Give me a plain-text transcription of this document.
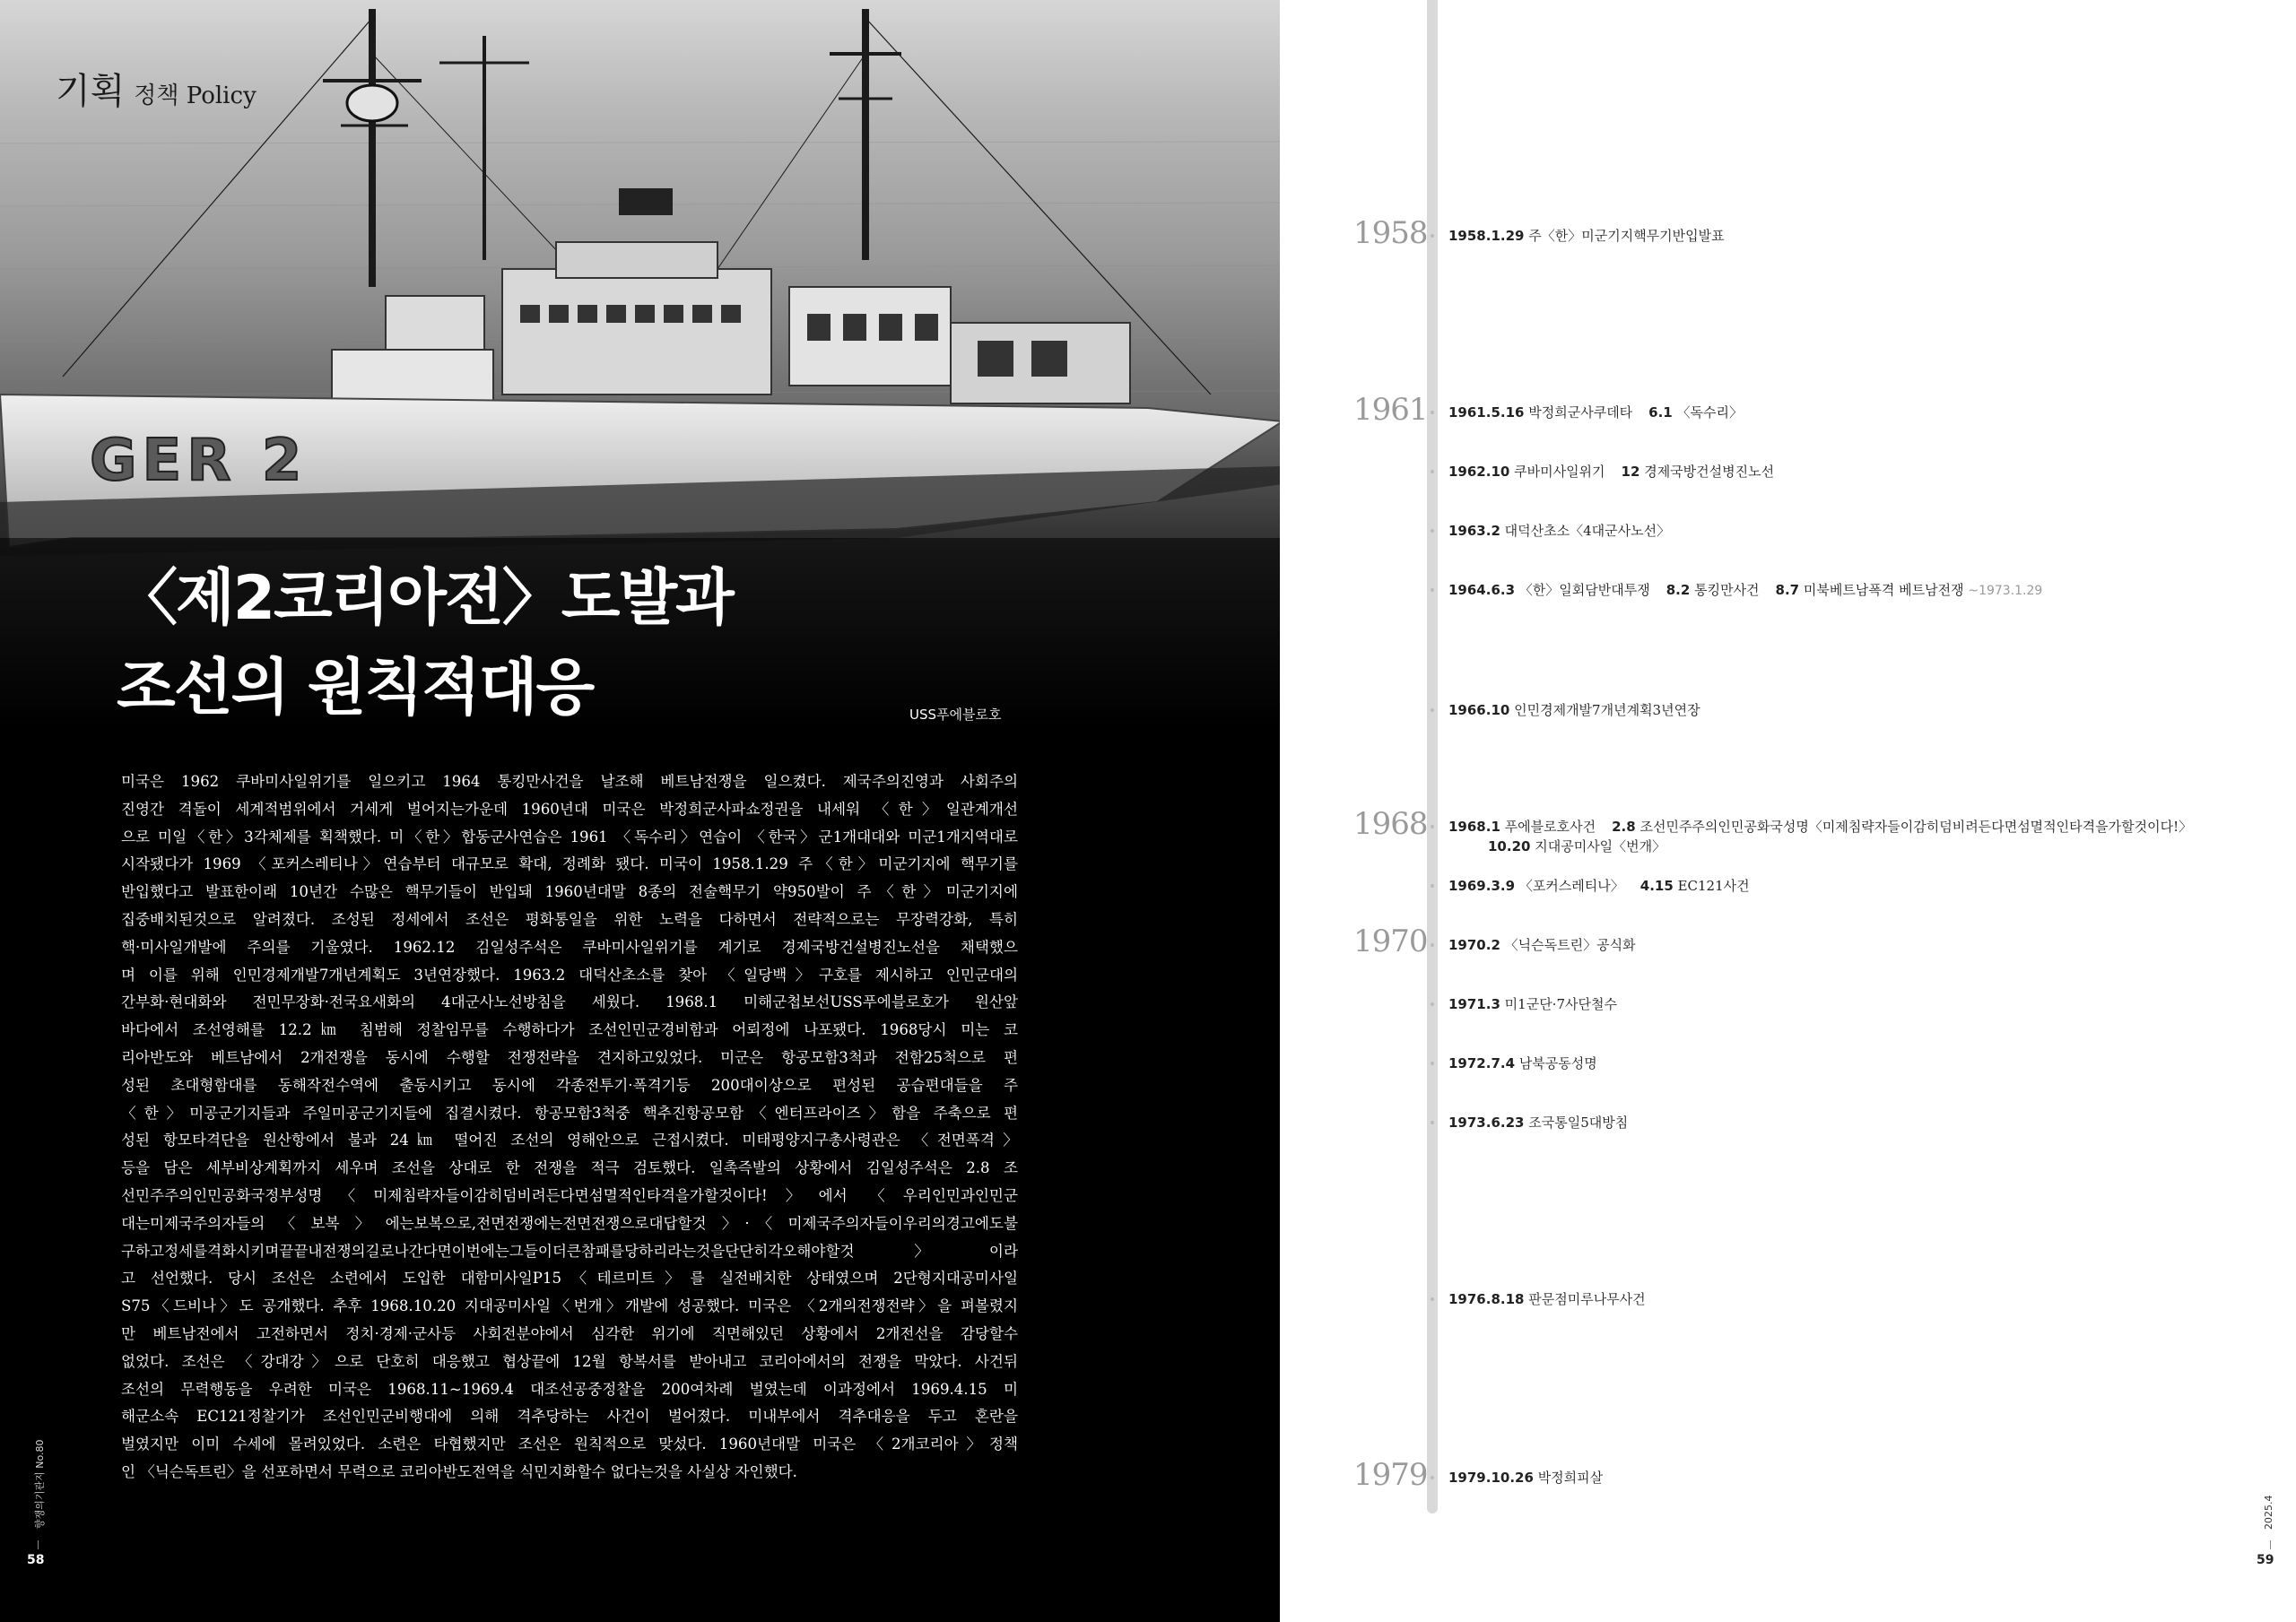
GER 2
기획 정책 Policy
〈제2코리아전〉도발과
조선의 원칙적대응	USS푸에블로호
미국은 1962 쿠바미사일위기를 일으키고 1964 통킹만사건을 날조해 베트남전쟁을 일으켰다. 제국주의진영과 사회주의
진영간 격돌이 세계적범위에서 거세게 벌어지는가운데 1960년대 미국은 박정희군사파쇼정권을 내세워 〈한〉일관계개선
으로 미일〈한〉3각체제를 획책했다. 미〈한〉합동군사연습은 1961 〈독수리〉연습이 〈한국〉군1개대대와 미군1개지역대로
시작됐다가 1969 〈포커스레티나〉연습부터 대규모로 확대, 정례화 됐다. 미국이 1958.1.29 주〈한〉미군기지에 핵무기를
반입했다고 발표한이래 10년간 수많은 핵무기들이 반입돼 1960년대말 8종의 전술핵무기 약950발이 주〈한〉미군기지에
집중배치된것으로 알려졌다. 조성된 정세에서 조선은 평화통일을 위한 노력을 다하면서 전략적으로는 무장력강화, 특히
핵·미사일개발에 주의를 기울였다. 1962.12 김일성주석은 쿠바미사일위기를 계기로 경제국방건설병진노선을 채택했으
며 이를 위해 인민경제개발7개년계획도 3년연장했다. 1963.2 대덕산초소를 찾아 〈일당백〉구호를 제시하고 인민군대의
간부화·현대화와 전민무장화·전국요새화의 4대군사노선방침을 세웠다. 1968.1 미해군첩보선USS푸에블로호가 원산앞
바다에서 조선영해를 12.2㎞ 침범해 정찰임무를 수행하다가 조선인민군경비함과 어뢰정에 나포됐다. 1968당시 미는 코
리아반도와 베트남에서 2개전쟁을 동시에 수행할 전쟁전략을 견지하고있었다. 미군은 항공모함3척과 전함25척으로 편
성된 초대형함대를 동해작전수역에 출동시키고 동시에 각종전투기·폭격기등 200대이상으로 편성된 공습편대들을 주
〈한〉미공군기지들과 주일미공군기지들에 집결시켰다. 항공모함3척중 핵추진항공모함〈엔터프라이즈〉함을 주축으로 편
성된 항모타격단을 원산항에서 불과 24㎞ 떨어진 조선의 영해안으로 근접시켰다. 미태평양지구총사령관은 〈전면폭격〉
등을 담은 세부비상계획까지 세우며 조선을 상대로 한 전쟁을 적극 검토했다. 일촉즉발의 상황에서 김일성주석은 2.8 조
선민주주의인민공화국정부성명〈미제침략자들이감히덤비려든다면섬멸적인타격을가할것이다!〉에서 〈우리인민과인민군
대는미제국주의자들의〈보복〉에는보복으로,전면전쟁에는전면전쟁으로대답할것〉·〈미제국주의자들이우리의경고에도불
구하고정세를격화시키며끝끝내전쟁의길로나간다면이번에는그들이더큰참패를당하리라는것을단단히각오해야할것〉이라
고 선언했다. 당시 조선은 소련에서 도입한 대함미사일P15〈테르미트〉를 실전배치한 상태였으며 2단형지대공미사일
S75〈드비나〉도 공개했다. 추후 1968.10.20 지대공미사일〈번개〉개발에 성공했다. 미국은 〈2개의전쟁전략〉을 펴볼렸지
만 베트남전에서 고전하면서 정치·경제·군사등 사회전분야에서 심각한 위기에 직면해있던 상황에서 2개전선을 감당할수
없었다. 조선은 〈강대강〉으로 단호히 대응했고 협상끝에 12월 항복서를 받아내고 코리아에서의 전쟁을 막았다. 사건뒤
조선의 무력행동을 우려한 미국은 1968.11~1969.4 대조선공중정찰을 200여차례 벌였는데 이과정에서 1969.4.15 미
해군소속 EC121정찰기가 조선인민군비행대에 의해 격추당하는 사건이 벌어졌다. 미내부에서 격추대응을 두고 혼란을
벌였지만 이미 수세에 몰려있었다. 소련은 타협했지만 조선은 원칙적으로 맞섰다. 1960년대말 미국은 〈2개코리아〉정책
인 〈닉슨독트린〉을 선포하면서 무력으로 코리아반도전역을 식민지화할수 없다는것을 사실상 자인했다.
향쟁의기관지 No.80
58
1958
1961
1968
1970
1979
1958.1.29 주〈한〉미군기지핵무기반입발표
1961.5.16 박정희군사쿠데타 6.1 〈독수리〉
1962.10 쿠바미사일위기 12 경제국방건설병진노선
1963.2 대덕산초소〈4대군사노선〉
1964.6.3 〈한〉일회담반대투쟁 8.2 통킹만사건 8.7 미북베트남폭격 베트남전쟁 ~1973.1.29
1966.10 인민경제개발7개년계획3년연장
1968.1 푸에블로호사건 2.8 조선민주주의인민공화국성명〈미제침략자들이감히덤비려든다면섬멸적인타격을가할것이다!〉
10.20 지대공미사일〈번개〉
1969.3.9 〈포커스레티나〉 4.15 EC121사건
1970.2 〈닉슨독트린〉공식화
1971.3 미1군단·7사단철수
1972.7.4 남북공동성명
1973.6.23 조국통일5대방침
1976.8.18 판문점미루나무사건
1979.10.26 박정희피살
2025.4
59
